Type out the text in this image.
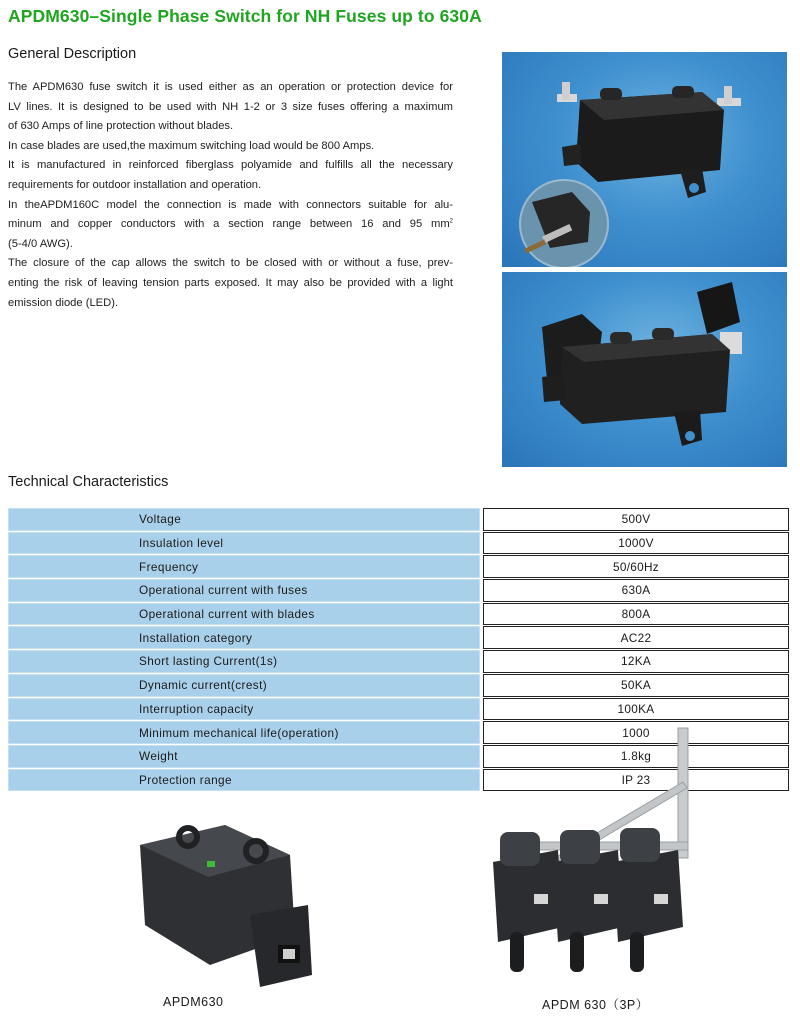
APDM630–Single Phase Switch for NH Fuses up to 630A
General Description

The APDM630 fuse switch it is used either as an operation or protection device for

LV lines. It is designed to be used with NH 1-2 or 3 size fuses offering a maximum

of 630 Amps of line protection without blades.

In case blades are used,the maximum switching load would be 800 Amps.

It is manufactured in reinforced fiberglass polyamide and fulfills all the necessary

requirements for outdoor installation and operation.

In theAPDM160C model the connection is made with connectors suitable for alu-

minum and copper conductors with a section range between 16 and 95 $mm^2$

(5-4/0 AWG).

The closure of the cap allows the switch to be closed with or without a fuse, prev-

enting the risk of leaving tension parts exposed. It may also be provided with a light

emission diode (LED).

Technical Characteristics
Voltage		500V
Insulation level		1000V
Frequency		50/60Hz
Operational current with fuses		630A
Operational current with blades		800A
Installation category		AC22
Short lasting Current(1s)		12KA
Dynamic current(crest)		50KA
Interruption capacity		100KA
Minimum mechanical life(operation)		1000
Weight		1.8kg
Protection range		IP 23
APDM630	APDM 630（3P）
